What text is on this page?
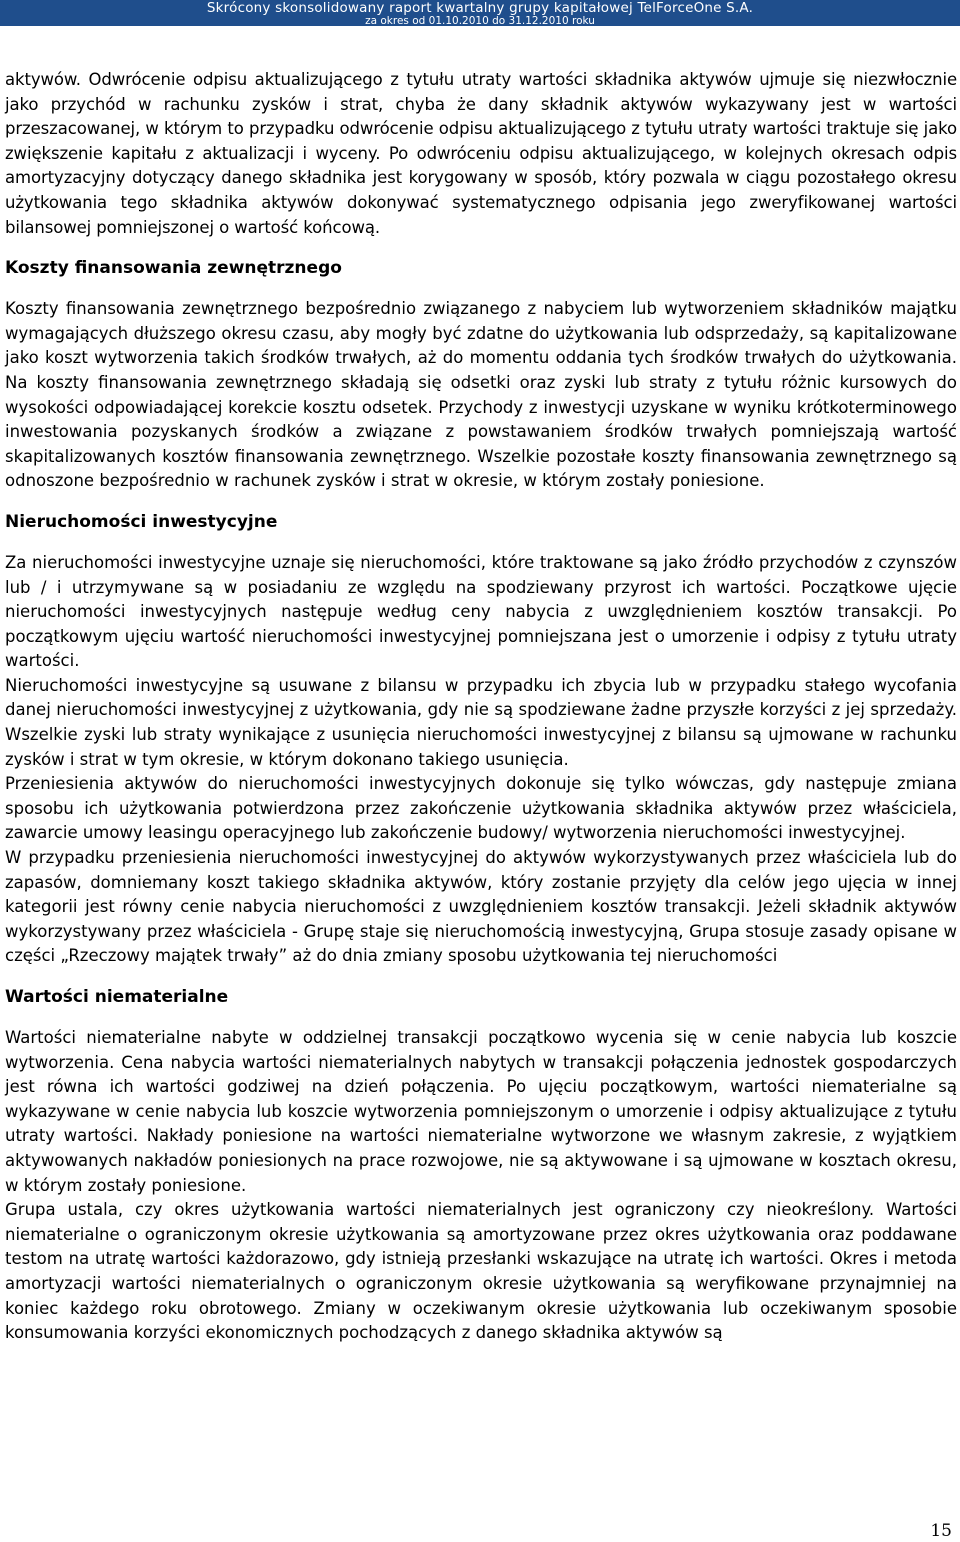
Skrócony skonsolidowany raport kwartalny grupy kapitałowej TelForceOne S.A.

za okres od 01.10.2010 do 31.12.2010 roku

aktywów. Odwrócenie odpisu aktualizującego z tytułu utraty wartości składnika aktywów ujmuje się niezwłocznie jako przychód w rachunku zysków i strat, chyba że dany składnik aktywów wykazywany jest w wartości przeszacowanej, w którym to przypadku odwrócenie odpisu aktualizującego z tytułu utraty wartości traktuje się jako zwiększenie kapitału z aktualizacji i wyceny. Po odwróceniu odpisu aktualizującego, w kolejnych okresach odpis amortyzacyjny dotyczący danego składnika jest korygowany w sposób, który pozwala w ciągu pozostałego okresu użytkowania tego składnika aktywów dokonywać systematycznego odpisania jego zweryfikowanej wartości bilansowej pomniejszonej o wartość końcową.

Koszty finansowania zewnętrznego

Koszty finansowania zewnętrznego bezpośrednio związanego z nabyciem lub wytworzeniem składników majątku wymagających dłuższego okresu czasu, aby mogły być zdatne do użytkowania lub odsprzedaży, są kapitalizowane jako koszt wytworzenia takich środków trwałych, aż do momentu oddania tych środków trwałych do użytkowania. Na koszty finansowania zewnętrznego składają się odsetki oraz zyski lub straty z tytułu różnic kursowych do wysokości odpowiadającej korekcie kosztu odsetek. Przychody z inwestycji uzyskane w wyniku krótkoterminowego inwestowania pozyskanych środków a związane z powstawaniem środków trwałych pomniejszają wartość skapitalizowanych kosztów finansowania zewnętrznego. Wszelkie pozostałe koszty finansowania zewnętrznego są odnoszone bezpośrednio w rachunek zysków i strat w okresie, w którym zostały poniesione.

Nieruchomości inwestycyjne

Za nieruchomości inwestycyjne uznaje się nieruchomości, które traktowane są jako źródło przychodów z czynszów lub / i utrzymywane są w posiadaniu ze względu na spodziewany przyrost ich wartości. Początkowe ujęcie nieruchomości inwestycyjnych następuje według ceny nabycia z uwzględnieniem kosztów transakcji. Po początkowym ujęciu wartość nieruchomości inwestycyjnej pomniejszana jest o umorzenie i odpisy z tytułu utraty wartości.

Nieruchomości inwestycyjne są usuwane z bilansu w przypadku ich zbycia lub w przypadku stałego wycofania danej nieruchomości inwestycyjnej z użytkowania, gdy nie są spodziewane żadne przyszłe korzyści z jej sprzedaży. Wszelkie zyski lub straty wynikające z usunięcia nieruchomości inwestycyjnej z bilansu są ujmowane w rachunku zysków i strat w tym okresie, w którym dokonano takiego usunięcia.

Przeniesienia aktywów do nieruchomości inwestycyjnych dokonuje się tylko wówczas, gdy następuje zmiana sposobu ich użytkowania potwierdzona przez zakończenie użytkowania składnika aktywów przez właściciela, zawarcie umowy leasingu operacyjnego lub zakończenie budowy/ wytworzenia nieruchomości inwestycyjnej.

W przypadku przeniesienia nieruchomości inwestycyjnej do aktywów wykorzystywanych przez właściciela lub do zapasów, domniemany koszt takiego składnika aktywów, który zostanie przyjęty dla celów jego ujęcia w innej kategorii jest równy cenie nabycia nieruchomości z uwzględnieniem kosztów transakcji. Jeżeli składnik aktywów wykorzystywany przez właściciela - Grupę staje się nieruchomością inwestycyjną, Grupa stosuje zasady opisane w części „Rzeczowy majątek trwały” aż do dnia zmiany sposobu użytkowania tej nieruchomości

Wartości niematerialne

Wartości niematerialne nabyte w oddzielnej transakcji początkowo wycenia się w cenie nabycia lub koszcie wytworzenia. Cena nabycia wartości niematerialnych nabytych w transakcji połączenia jednostek gospodarczych jest równa ich wartości godziwej na dzień połączenia. Po ujęciu początkowym, wartości niematerialne są wykazywane w cenie nabycia lub koszcie wytworzenia pomniejszonym o umorzenie i odpisy aktualizujące z tytułu utraty wartości. Nakłady poniesione na wartości niematerialne wytworzone we własnym zakresie, z wyjątkiem aktywowanych nakładów poniesionych na prace rozwojowe, nie są aktywowane i są ujmowane w kosztach okresu, w którym zostały poniesione.

Grupa ustala, czy okres użytkowania wartości niematerialnych jest ograniczony czy nieokreślony. Wartości niematerialne o ograniczonym okresie użytkowania są amortyzowane przez okres użytkowania oraz poddawane testom na utratę wartości każdorazowo, gdy istnieją przesłanki wskazujące na utratę ich wartości. Okres i metoda amortyzacji wartości niematerialnych o ograniczonym okresie użytkowania są weryfikowane przynajmniej na koniec każdego roku obrotowego. Zmiany w oczekiwanym okresie użytkowania lub oczekiwanym sposobie konsumowania korzyści ekonomicznych pochodzących z danego składnika aktywów są

15
